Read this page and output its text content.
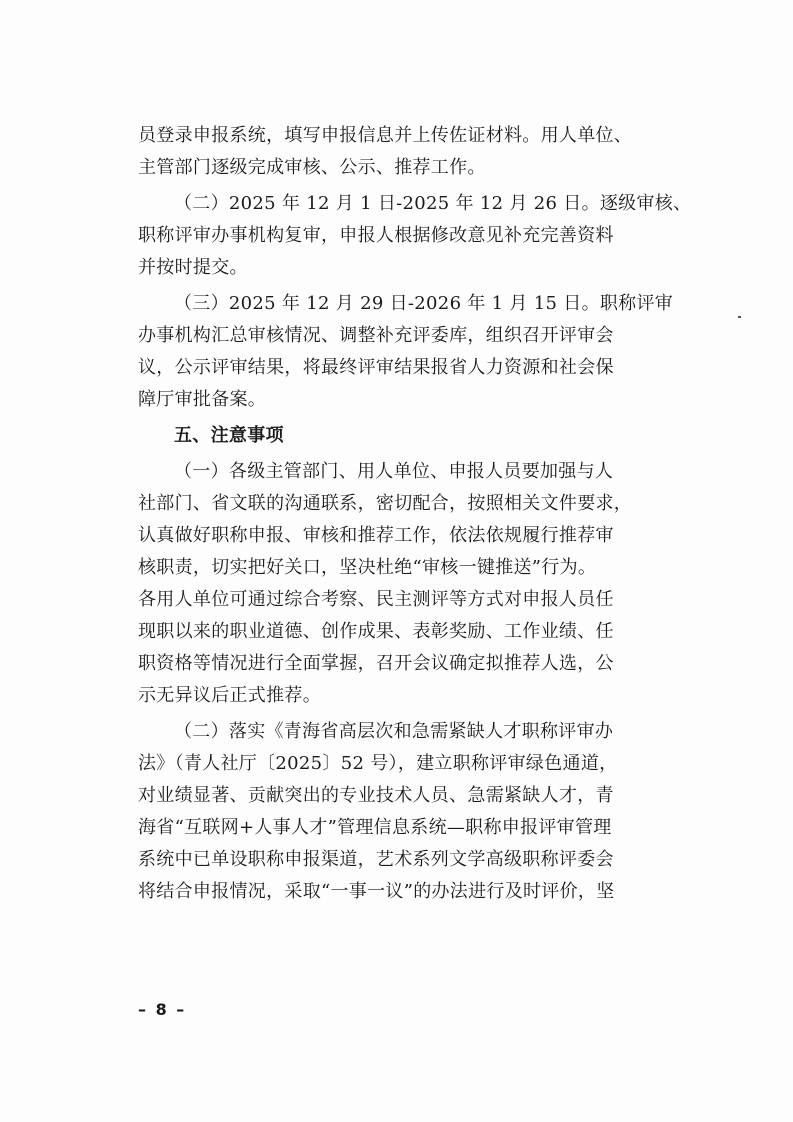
员登录申报系统，填写申报信息并上传佐证材料。用人单位、
主管部门逐级完成审核、公示、推荐工作。
（二）2025 年 12 月 1 日-2025 年 12 月 26 日。逐级审核、
职称评审办事机构复审，申报人根据修改意见补充完善资料
并按时提交。
（三）2025 年 12 月 29 日-2026 年 1 月 15 日。职称评审
办事机构汇总审核情况、调整补充评委库，组织召开评审会
议，公示评审结果，将最终评审结果报省人力资源和社会保
障厅审批备案。
五、注意事项
（一）各级主管部门、用人单位、申报人员要加强与人
社部门、省文联的沟通联系，密切配合，按照相关文件要求，
认真做好职称申报、审核和推荐工作，依法依规履行推荐审
核职责，切实把好关口，坚决杜绝“审核一键推送”行为。
各用人单位可通过综合考察、民主测评等方式对申报人员任
现职以来的职业道德、创作成果、表彰奖励、工作业绩、任
职资格等情况进行全面掌握，召开会议确定拟推荐人选，公
示无异议后正式推荐。
（二）落实《青海省高层次和急需紧缺人才职称评审办
法》（青人社厅〔2025〕52 号），建立职称评审绿色通道，
对业绩显著、贡献突出的专业技术人员、急需紧缺人才，青
海省“互联网+人事人才”管理信息系统—职称申报评审管理
系统中已单设职称申报渠道，艺术系列文学高级职称评委会
将结合申报情况，采取“一事一议”的办法进行及时评价，坚
– 8 –
